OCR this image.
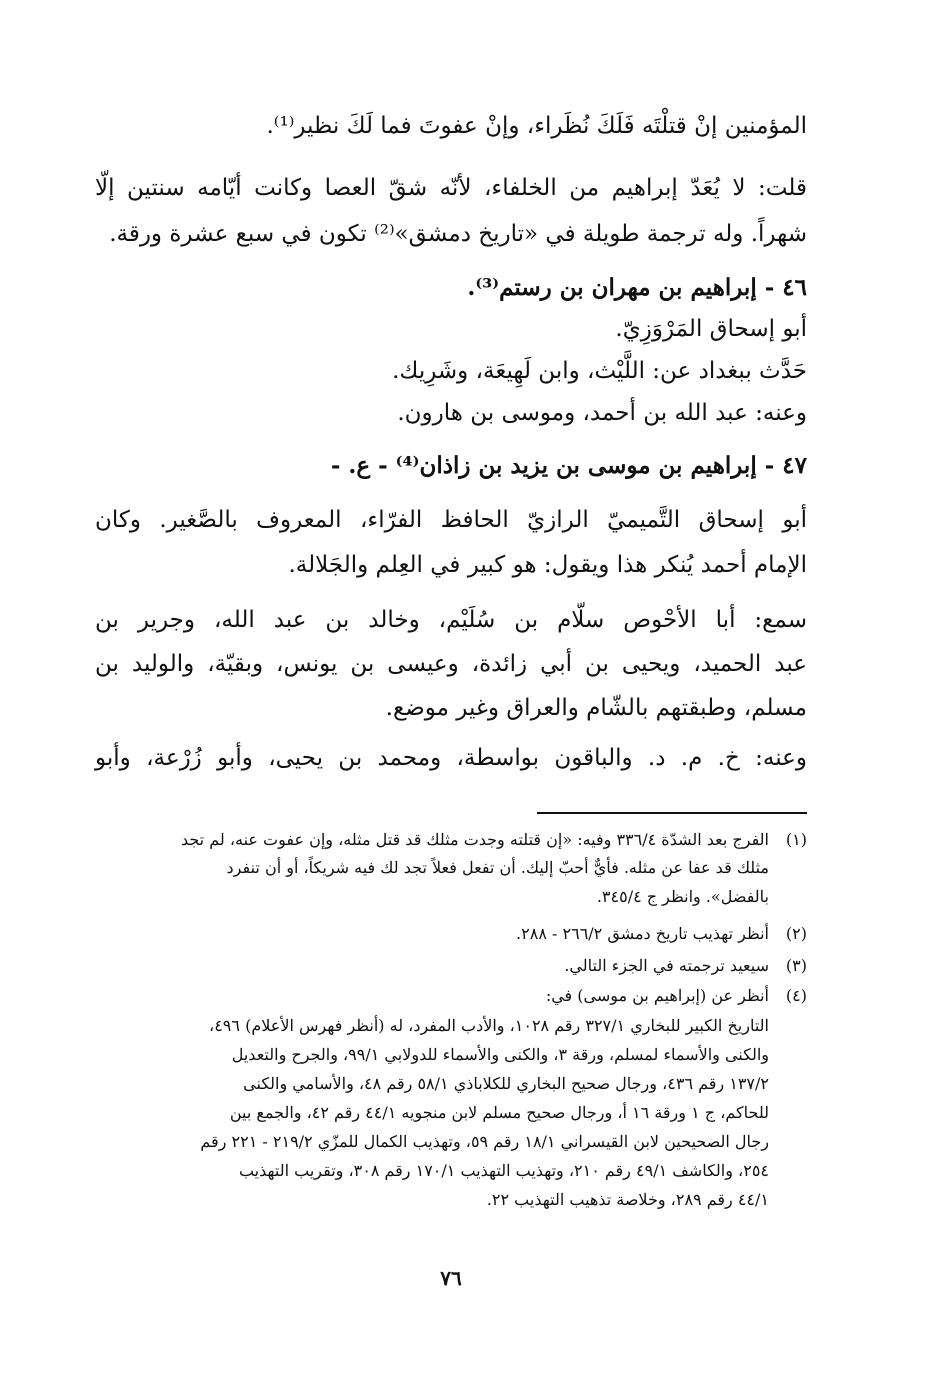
المؤمنين إنْ قتلْتَه فَلَكَ نُظَراء، وإنْ عفوتَ فما لَكَ نظير⁽¹⁾.
قلت: لا يُعَدّ إبراهيم من الخلفاء، لأنّه شقّ العصا وكانت أيّامه سنتين إلّا
شهراً. وله ترجمة طويلة في «تاريخ دمشق»⁽²⁾ تكون في سبع عشرة ورقة.
٤٦ - إبراهيم بن مهران بن رستم⁽³⁾.
أبو إسحاق المَرْوَزِيّ.
حَدَّث ببغداد عن: اللَّيْث، وابن لَهِيعَة، وشَرِيك.
وعنه: عبد الله بن أحمد، وموسى بن هارون.
٤٧ - إبراهيم بن موسى بن يزيد بن زاذان⁽⁴⁾ - ع. -
أبو إسحاق التَّميميّ الرازيّ الحافظ الفرّاء، المعروف بالصَّغير. وكان
الإمام أحمد يُنكر هذا ويقول: هو كبير في العِلم والجَلالة.
سمع: أبا الأحْوص سلّام بن سُلَيْم، وخالد بن عبد الله، وجرير بن
عبد الحميد، ويحيى بن أبي زائدة، وعيسى بن يونس، وبقيّة، والوليد بن
مسلم، وطبقتهم بالشّام والعراق وغير موضع.
وعنه: خ. م. د. والباقون بواسطة، ومحمد بن يحيى، وأبو زُرْعة، وأبو
(١)الفرج بعد الشدّة ٣٣٦/٤ وفيه: «إن قتلته وجدت مثلك قد قتل مثله، وإن عفوت عنه، لم تجد
مثلك قد عفا عن مثله. فأيٌّ أحبّ إليك. أن تفعل فعلاً تجد لك فيه شريكاً، أو أن تنفرد
بالفضل». وانظر ج ٣٤٥/٤.
(٢)أنظر تهذيب تاريخ دمشق ٢٦٦/٢ - ٢٨٨.
(٣)سيعيد ترجمته في الجزء التالي.
(٤)أنظر عن (إبراهيم بن موسى) في:
التاريخ الكبير للبخاري ٣٢٧/١ رقم ١٠٢٨، والأدب المفرد، له (أنظر فهرس الأعلام) ٤٩٦،
والكنى والأسماء لمسلم، ورقة ٣، والكنى والأسماء للدولابي ٩٩/١، والجرح والتعديل
١٣٧/٢ رقم ٤٣٦، ورجال صحيح البخاري للكلاباذي ٥٨/١ رقم ٤٨، والأسامي والكنى
للحاكم، ج ١ ورقة ١٦ أ، ورجال صحيح مسلم لابن منجويه ٤٤/١ رقم ٤٢، والجمع بين
رجال الصحيحين لابن القيسراني ١٨/١ رقم ٥٩، وتهذيب الكمال للمزّي ٢١٩/٢ - ٢٢١ رقم
٢٥٤، والكاشف ٤٩/١ رقم ٢١٠، وتهذيب التهذيب ١٧٠/١ رقم ٣٠٨، وتقريب التهذيب
٤٤/١ رقم ٢٨٩، وخلاصة تذهيب التهذيب ٢٢.
٧٦
